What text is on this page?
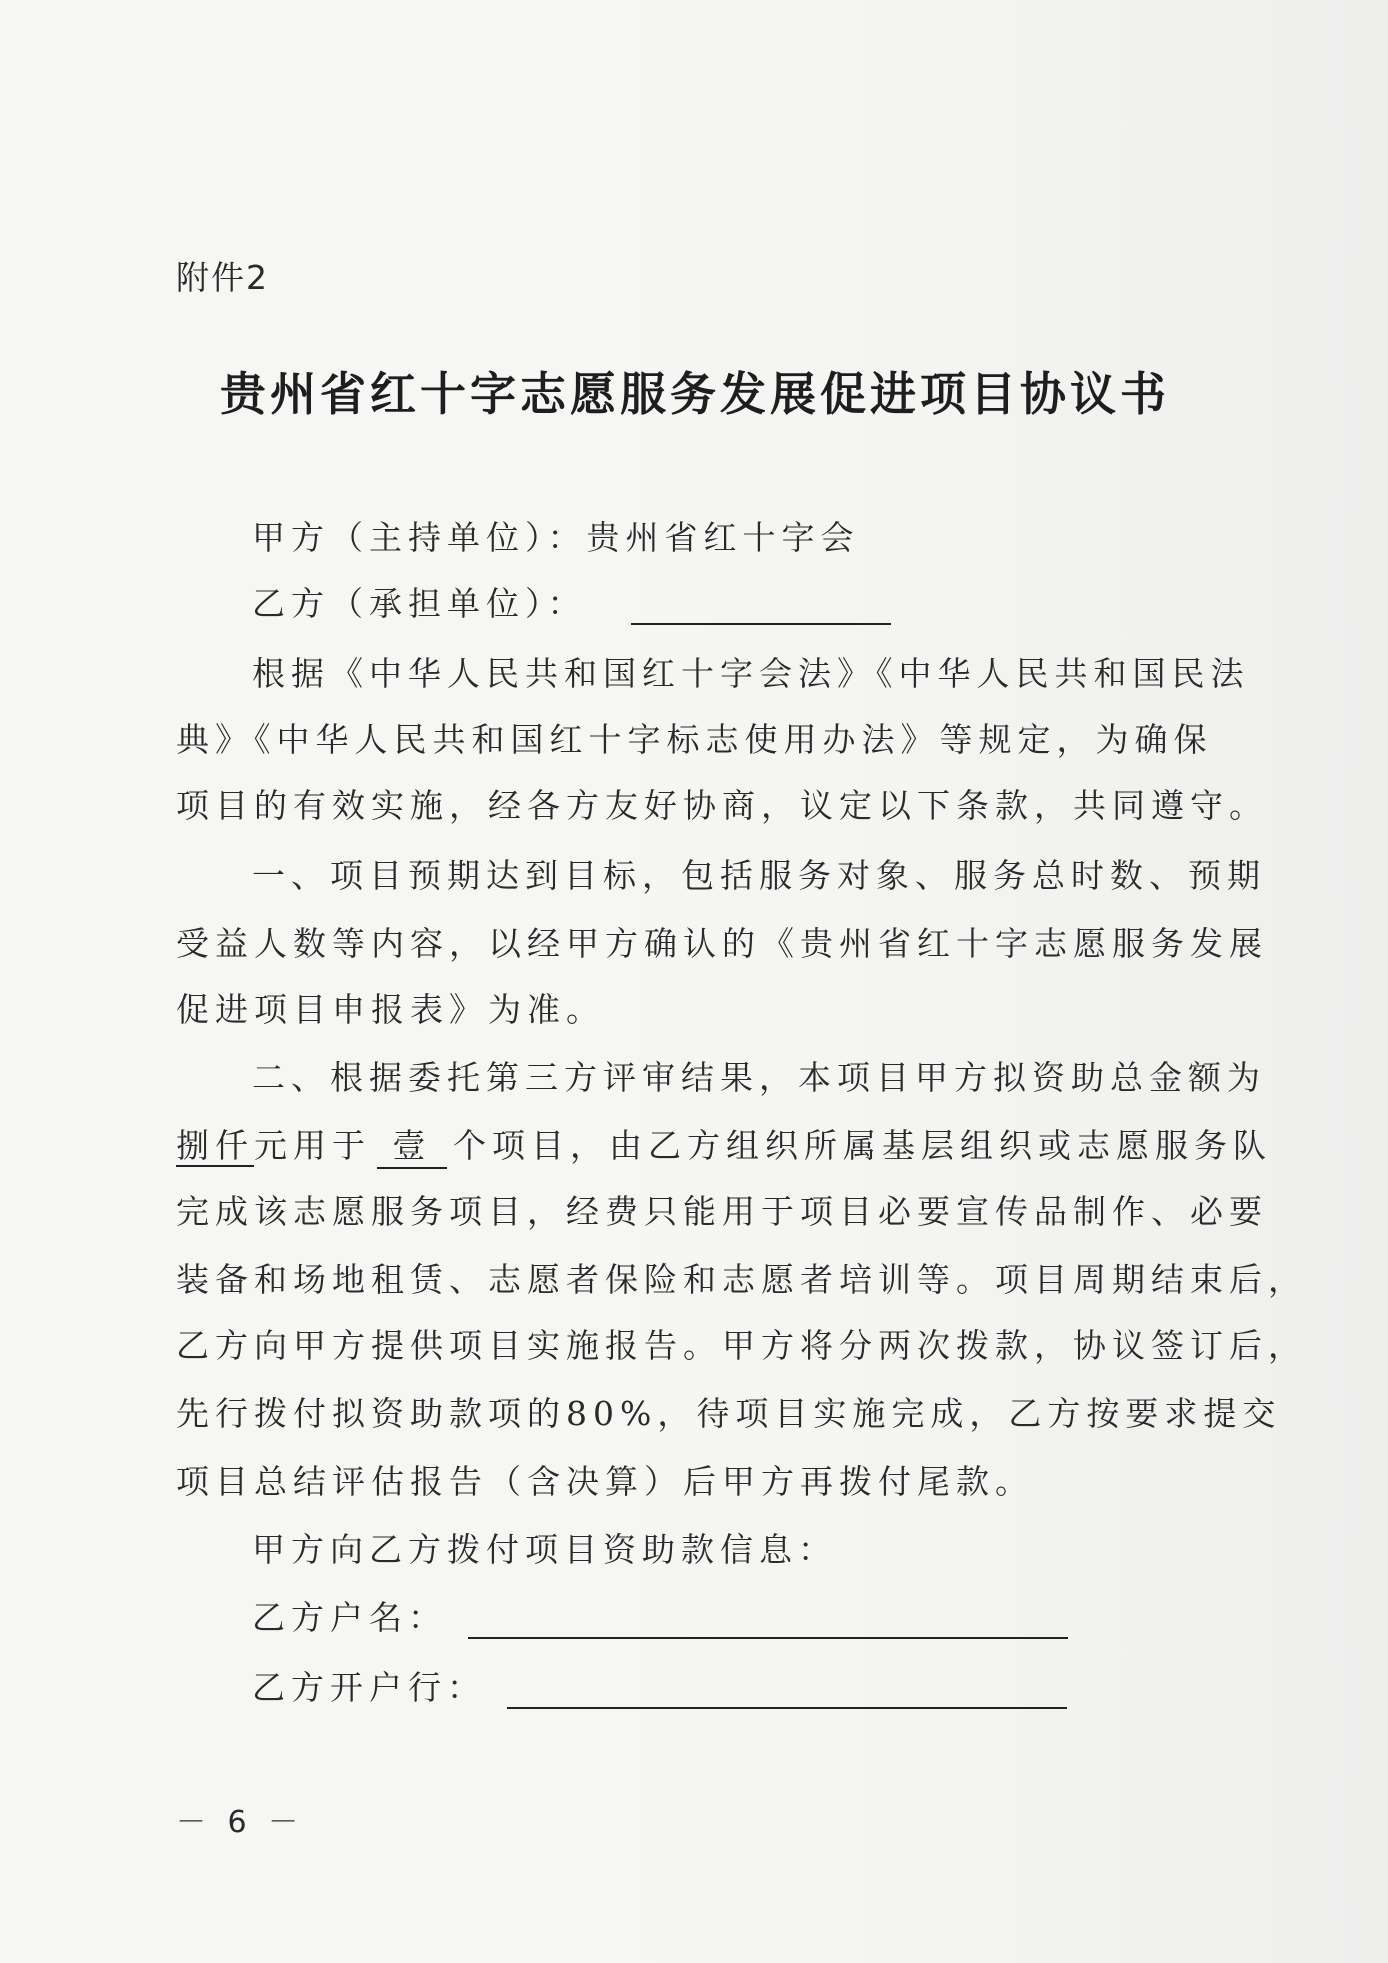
附件2
贵州省红十字志愿服务发展促进项目协议书
甲方（主持单位）：贵州省红十字会
乙方（承担单位）：
根据《中华人民共和国红十字会法》《中华人民共和国民法
典》《中华人民共和国红十字标志使用办法》等规定，为确保
项目的有效实施，经各方友好协商，议定以下条款，共同遵守。
一、项目预期达到目标，包括服务对象、服务总时数、预期
受益人数等内容，以经甲方确认的《贵州省红十字志愿服务发展
促进项目申报表》为准。
二、根据委托第三方评审结果，本项目甲方拟资助总金额为
捌仟元用于 壹 个项目，由乙方组织所属基层组织或志愿服务队
完成该志愿服务项目，经费只能用于项目必要宣传品制作、必要
装备和场地租赁、志愿者保险和志愿者培训等。项目周期结束后，
乙方向甲方提供项目实施报告。甲方将分两次拨款，协议签订后，
先行拨付拟资助款项的80%，待项目实施完成，乙方按要求提交
项目总结评估报告（含决算）后甲方再拨付尾款。
甲方向乙方拨付项目资助款信息：
乙方户名：
乙方开户行：
－ 6 －
